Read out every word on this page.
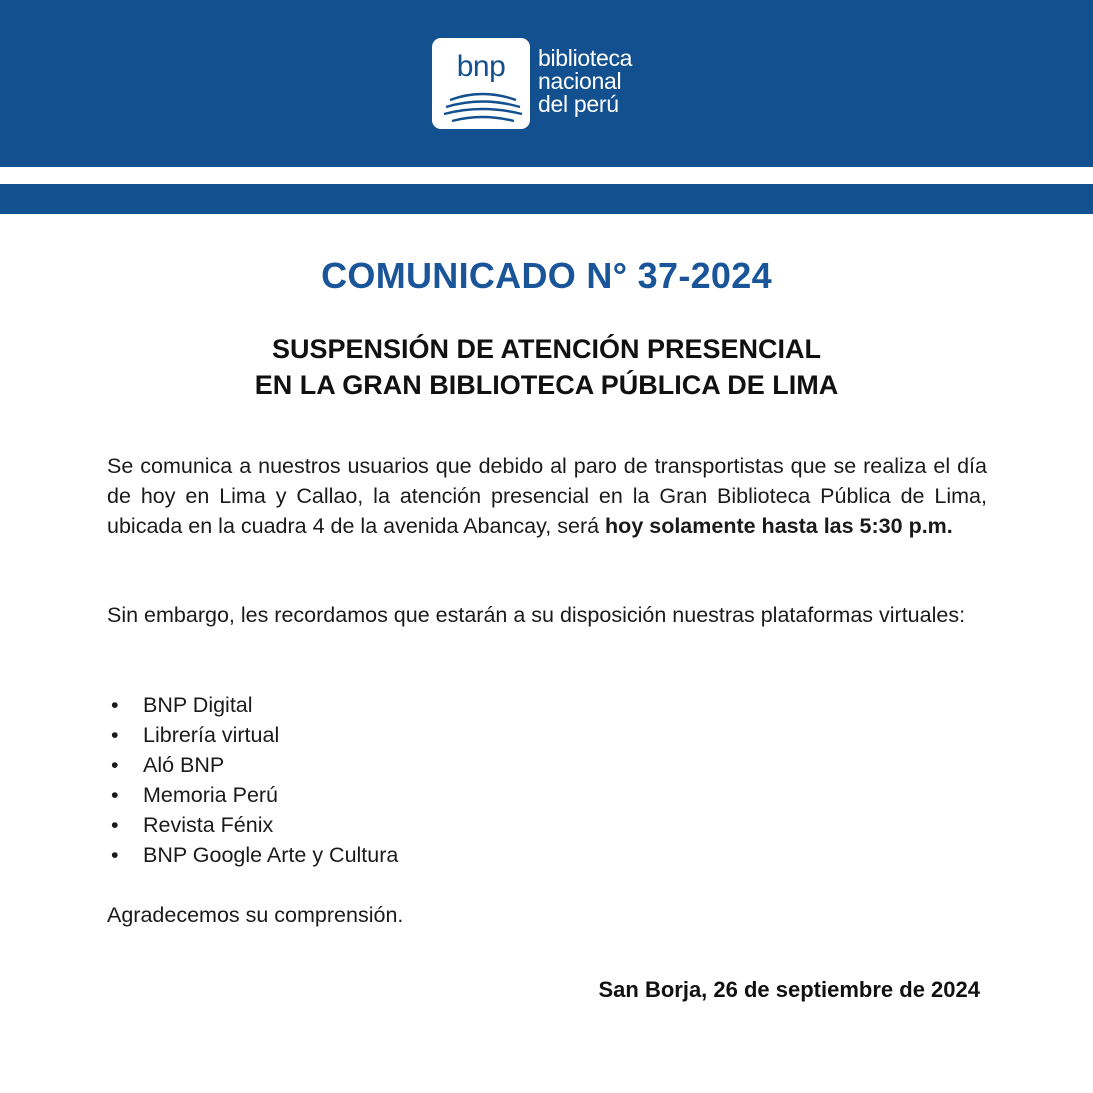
bnp	biblioteca
nacional
del perú
COMUNICADO N° 37-2024
SUSPENSIÓN DE ATENCIÓN PRESENCIAL
EN LA GRAN BIBLIOTECA PÚBLICA DE LIMA
Se comunica a nuestros usuarios que debido al paro de transportistas que se realiza el día de hoy en Lima y Callao, la atención presencial en la Gran Biblioteca Pública de Lima, ubicada en la cuadra 4 de la avenida Abancay, será hoy solamente hasta las 5:30 p.m.
Sin embargo, les recordamos que estarán a su disposición nuestras plataformas virtuales:
• BNP Digital
• Librería virtual
• Aló BNP
• Memoria Perú
• Revista Fénix
• BNP Google Arte y Cultura
Agradecemos su comprensión.
San Borja, 26 de septiembre de 2024
